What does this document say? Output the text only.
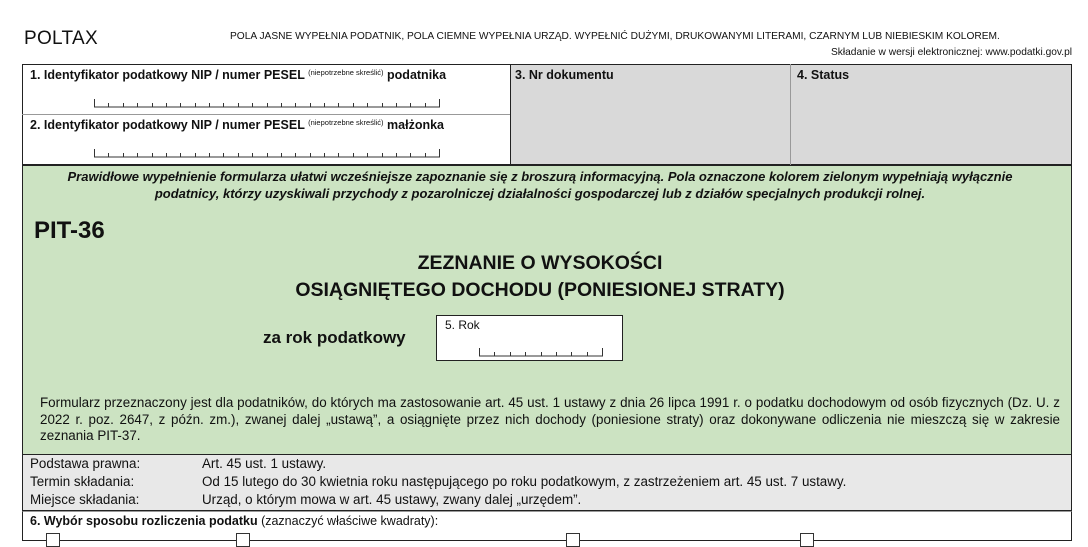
POLTAX	POLA JASNE WYPEŁNIA PODATNIK, POLA CIEMNE WYPEŁNIA URZĄD. WYPEŁNIĆ DUŻYMI, DRUKOWANYMI LITERAMI, CZARNYM LUB NIEBIESKIM KOLOREM.
Składanie w wersji elektronicznej: www.podatki.gov.pl
1. Identyfikator podatkowy NIP / numer PESEL $^{(niepotrzebne skreślić)}$ podatnika
2. Identyfikator podatkowy NIP / numer PESEL $^{(niepotrzebne skreślić)}$ małżonka
3. Nr dokumentu	4. Status
Prawidłowe wypełnienie formularza ułatwi wcześniejsze zapoznanie się z broszurą informacyjną. Pola oznaczone kolorem zielonym wypełniają wyłącznie podatnicy, którzy uzyskiwali przychody z pozarolniczej działalności gospodarczej lub z działów specjalnych produkcji rolnej.
PIT-36
ZEZNANIE O WYSOKOŚCI
OSIĄGNIĘTEGO DOCHODU (PONIESIONEJ STRATY)
za rok podatkowy
5. Rok
Formularz przeznaczony jest dla podatników, do których ma zastosowanie art. 45 ust. 1 ustawy z dnia 26 lipca 1991 r. o podatku dochodowym od osób fizycznych (Dz. U. z 2022 r. poz. 2647, z późn. zm.), zwanej dalej „ustawą”, a osiągnięte przez nich dochody (poniesione straty) oraz dokonywane odliczenia nie mieszczą się w zakresie zeznania PIT-37.
Podstawa prawna:	Art. 45 ust. 1 ustawy.
Termin składania:	Od 15 lutego do 30 kwietnia roku następującego po roku podatkowym, z zastrzeżeniem art. 45 ust. 7 ustawy.
Miejsce składania:	Urząd, o którym mowa w art. 45 ustawy, zwany dalej „urzędem”.
6. Wybór sposobu rozliczenia podatku (zaznaczyć właściwe kwadraty):
